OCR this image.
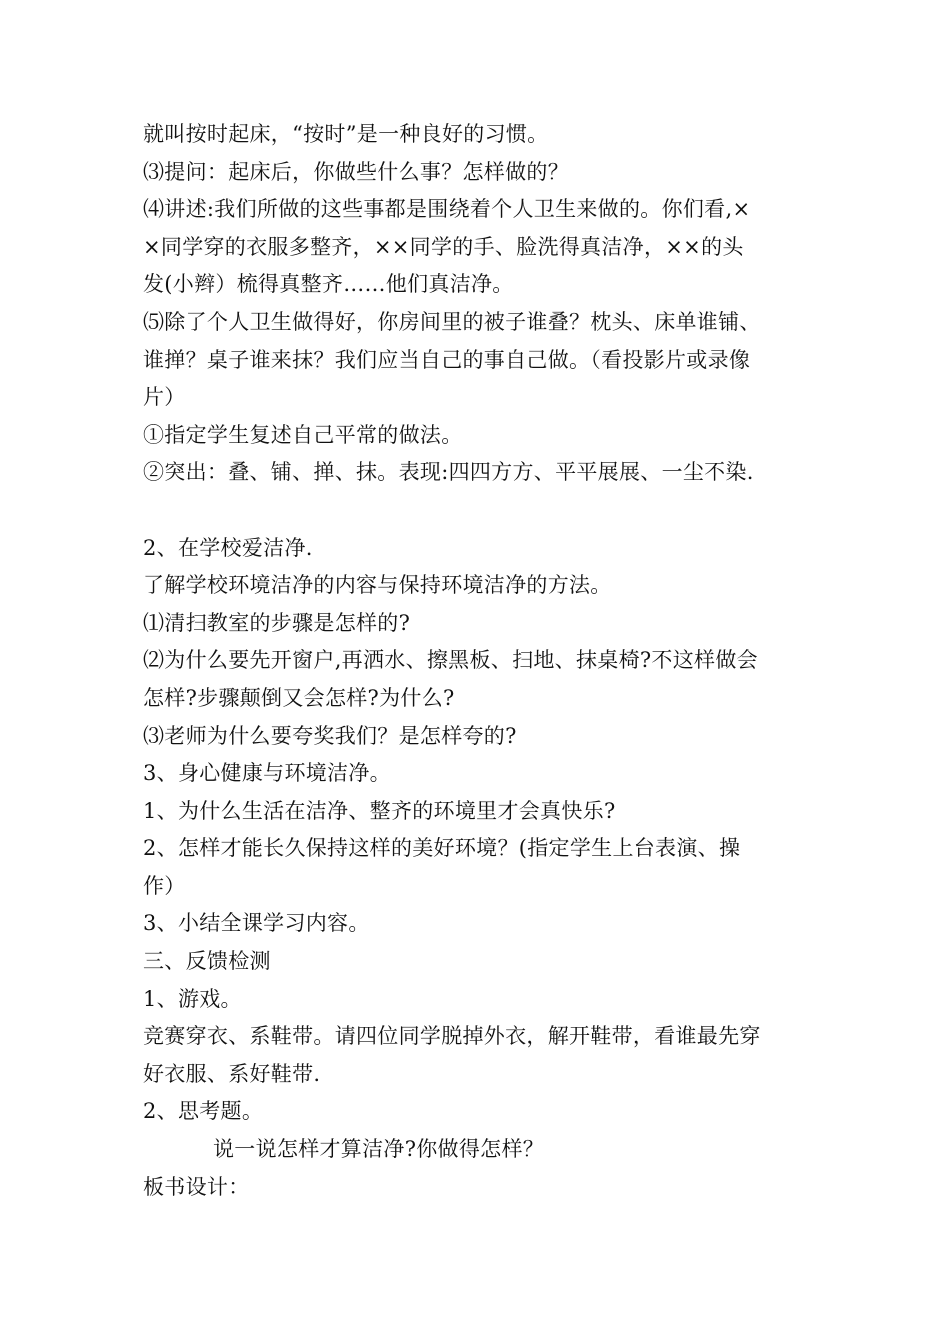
就叫按时起床，“按时”是一种良好的习惯。
⑶提问：起床后，你做些什么事？怎样做的？
⑷讲述:我们所做的这些事都是围绕着个人卫生来做的。你们看,×
×同学穿的衣服多整齐，××同学的手、脸洗得真洁净，××的头
发(小辫）梳得真整齐……他们真洁净。
⑸除了个人卫生做得好，你房间里的被子谁叠？枕头、床单谁铺、
谁掸？桌子谁来抹？我们应当自己的事自己做。（看投影片或录像
片）
①指定学生复述自己平常的做法。
②突出：叠、铺、掸、抹。表现:四四方方、平平展展、一尘不染.
2、在学校爱洁净.
了解学校环境洁净的内容与保持环境洁净的方法。
⑴清扫教室的步骤是怎样的?
⑵为什么要先开窗户,再洒水、擦黑板、扫地、抹桌椅?不这样做会
怎样?步骤颠倒又会怎样?为什么?
⑶老师为什么要夸奖我们？是怎样夸的?
3、身心健康与环境洁净。
1、为什么生活在洁净、整齐的环境里才会真快乐?
2、怎样才能长久保持这样的美好环境？(指定学生上台表演、操
作）
3、小结全课学习内容。
三、反馈检测
1、游戏。
竞赛穿衣、系鞋带。请四位同学脱掉外衣，解开鞋带，看谁最先穿
好衣服、系好鞋带.
2、思考题。
说一说怎样才算洁净?你做得怎样？
板书设计：
